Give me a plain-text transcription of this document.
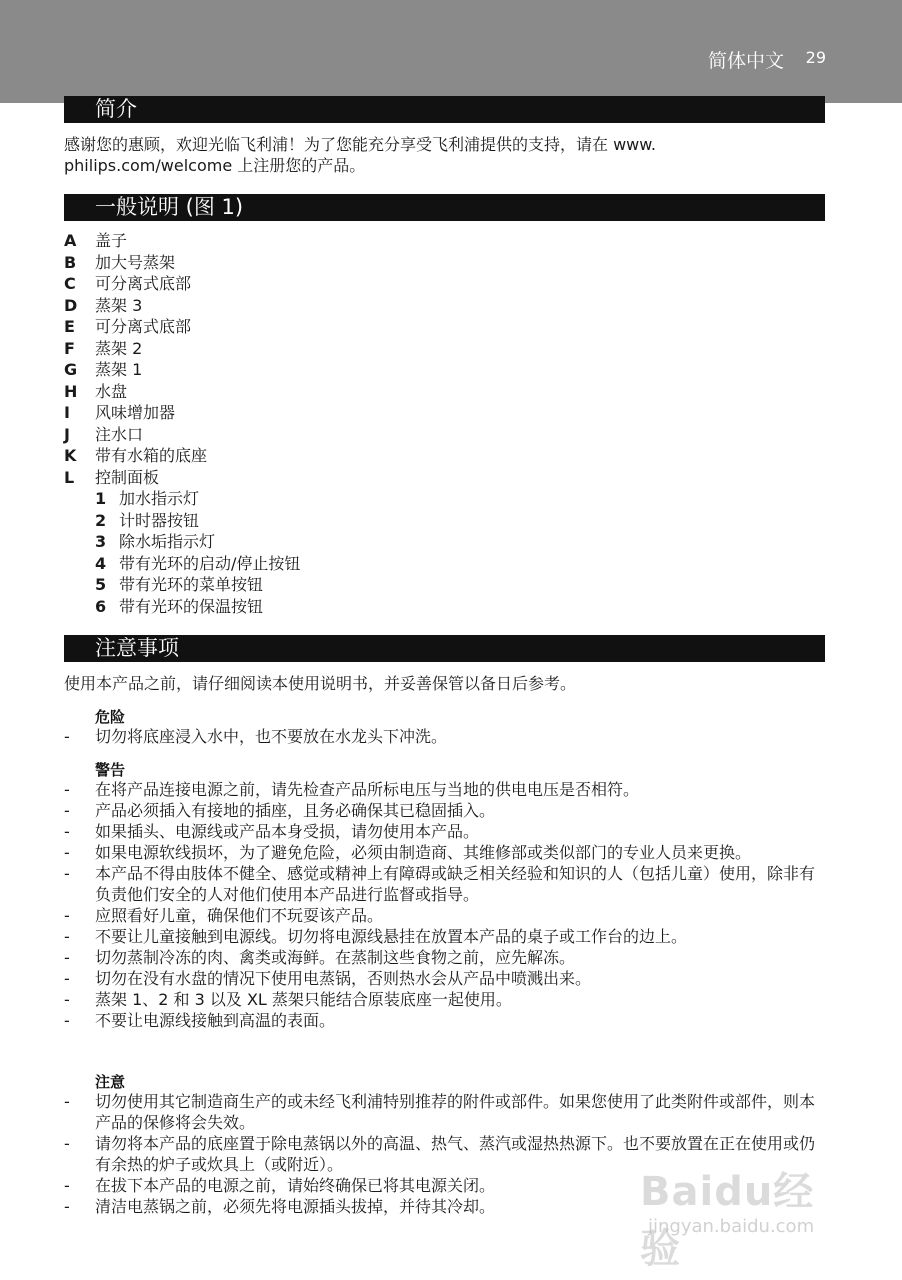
简体中文 29
简介
感谢您的惠顾，欢迎光临飞利浦！为了您能充分享受飞利浦提供的支持，请在 www.
philips.com/welcome 上注册您的产品。
一般说明 (图 1)
A	盖子
B	加大号蒸架
C	可分离式底部
D	蒸架 3
E	可分离式底部
F	蒸架 2
G	蒸架 1
H	水盘
I	风味增加器
J	注水口
K	带有水箱的底座
L	控制面板
1 加水指示灯
2 计时器按钮
3 除水垢指示灯
4 带有光环的启动/停止按钮
5 带有光环的菜单按钮
6 带有光环的保温按钮
注意事项
使用本产品之前，请仔细阅读本使用说明书，并妥善保管以备日后参考。
危险
-	切勿将底座浸入水中，也不要放在水龙头下冲洗。
警告
-	在将产品连接电源之前，请先检查产品所标电压与当地的供电电压是否相符。
-	产品必须插入有接地的插座，且务必确保其已稳固插入。
-	如果插头、电源线或产品本身受损，请勿使用本产品。
-	如果电源软线损坏，为了避免危险，必须由制造商、其维修部或类似部门的专业人员来更换。
-	本产品不得由肢体不健全、感觉或精神上有障碍或缺乏相关经验和知识的人（包括儿童）使用，除非有负责他们安全的人对他们使用本产品进行监督或指导。
-	应照看好儿童，确保他们不玩耍该产品。
-	不要让儿童接触到电源线。切勿将电源线悬挂在放置本产品的桌子或工作台的边上。
-	切勿蒸制冷冻的肉、禽类或海鲜。在蒸制这些食物之前，应先解冻。
-	切勿在没有水盘的情况下使用电蒸锅，否则热水会从产品中喷溅出来。
-	蒸架 1、2 和 3 以及 XL 蒸架只能结合原装底座一起使用。
-	不要让电源线接触到高温的表面。
注意
-	切勿使用其它制造商生产的或未经飞利浦特别推荐的附件或部件。如果您使用了此类附件或部件，则本产品的保修将会失效。
-	请勿将本产品的底座置于除电蒸锅以外的高温、热气、蒸汽或湿热热源下。也不要放置在正在使用或仍有余热的炉子或炊具上（或附近）。
-	在拔下本产品的电源之前，请始终确保已将其电源关闭。
-	清洁电蒸锅之前，必须先将电源插头拔掉，并待其冷却。	Baidu经验
jingyan.baidu.com
